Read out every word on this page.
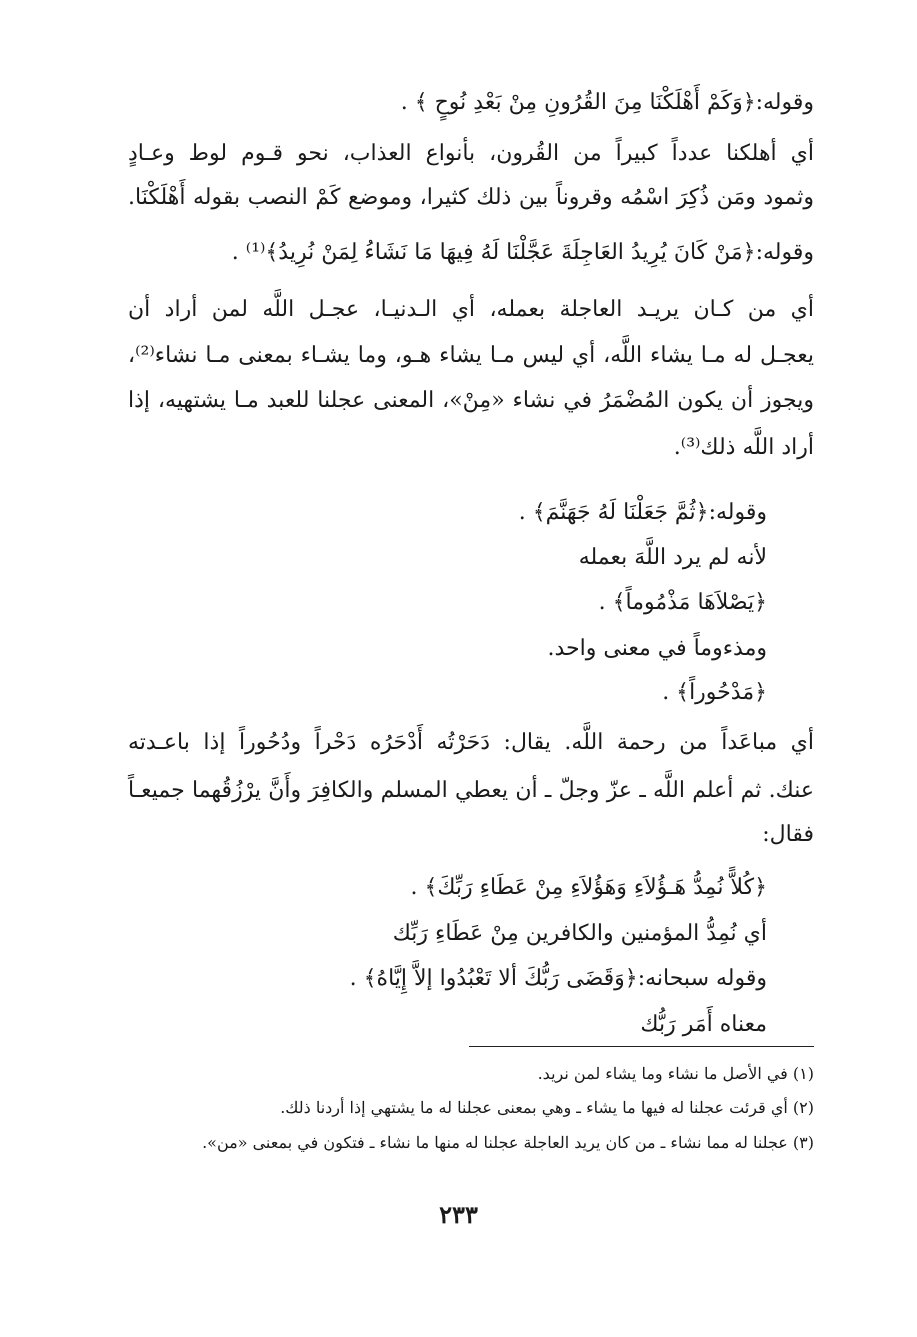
وقوله:﴿وَكَمْ أَهْلَكْنَا مِنَ القُرُونِ مِنْ بَعْدِ نُوحٍ ﴾ .
أي أهلكنا عدداً كبيراً من القُرون، بأنواع العذاب، نحو قـوم لوط وعـادٍ
وثمود ومَن ذُكِرَ اسْمُه وقروناً بين ذلك كثيرا، وموضع كَمْ النصب بقوله أَهْلَكْنَا.
وقوله:﴿مَنْ كَانَ يُرِيدُ العَاجِلَةَ عَجَّلْنَا لَهُ فِيهَا مَا نَشَاءُ لِمَنْ نُرِيدُ﴾⁽¹⁾ .
أي من كـان يريـد العاجلة بعمله، أي الـدنيـا، عجـل اللَّه لمن أراد أن
يعجـل له مـا يشاء اللَّه، أي ليس مـا يشاء هـو، وما يشـاء بمعنى مـا نشاء⁽²⁾،
ويجوز أن يكون المُضْمَرُ في نشاء «مِنْ»، المعنى عجلنا للعبد مـا يشتهيه، إذا
أراد اللَّه ذلك⁽³⁾.
وقوله:﴿ثُمَّ جَعَلْنَا لَهُ جَهَنَّمَ﴾ .
لأنه لم يرد اللَّهَ بعمله
﴿يَصْلاَهَا مَذْمُوماً﴾ .
ومذءوماً في معنى واحد.
﴿مَدْحُوراً﴾ .
أي مباعَداً من رحمة اللَّه. يقال: دَحَرْتُه أَدْحَرُه دَحْراً ودُحُوراً إذا باعـدته
عنك. ثم أعلم اللَّه ـ عزّ وجلّ ـ أن يعطي المسلم والكافِرَ وأَنَّ يرْزُقُهما جميعـاً
فقال:
﴿كُلاًّ نُمِدُّ هَـؤُلاَءِ وَهَؤُلاَءِ مِنْ عَطَاءِ رَبِّكَ﴾ .
أي نُمِدُّ المؤمنين والكافرين مِنْ عَطَاءِ رَبِّك
وقوله سبحانه:﴿وَقَضَى رَبُّكَ ألا تَعْبُدُوا إلاَّ إِيَّاهُ﴾ .
معناه أَمَر رَبُّك
(١) في الأصل ما نشاء وما يشاء لمن نريد.
(٢) أي قرئت عجلنا له فيها ما يشاء ـ وهي بمعنى عجلنا له ما يشتهي إذا أردنا ذلك.
(٣) عجلنا له مما نشاء ـ من كان يريد العاجلة عجلنا له منها ما نشاء ـ فتكون في بمعنى «من».
٢٣٣
